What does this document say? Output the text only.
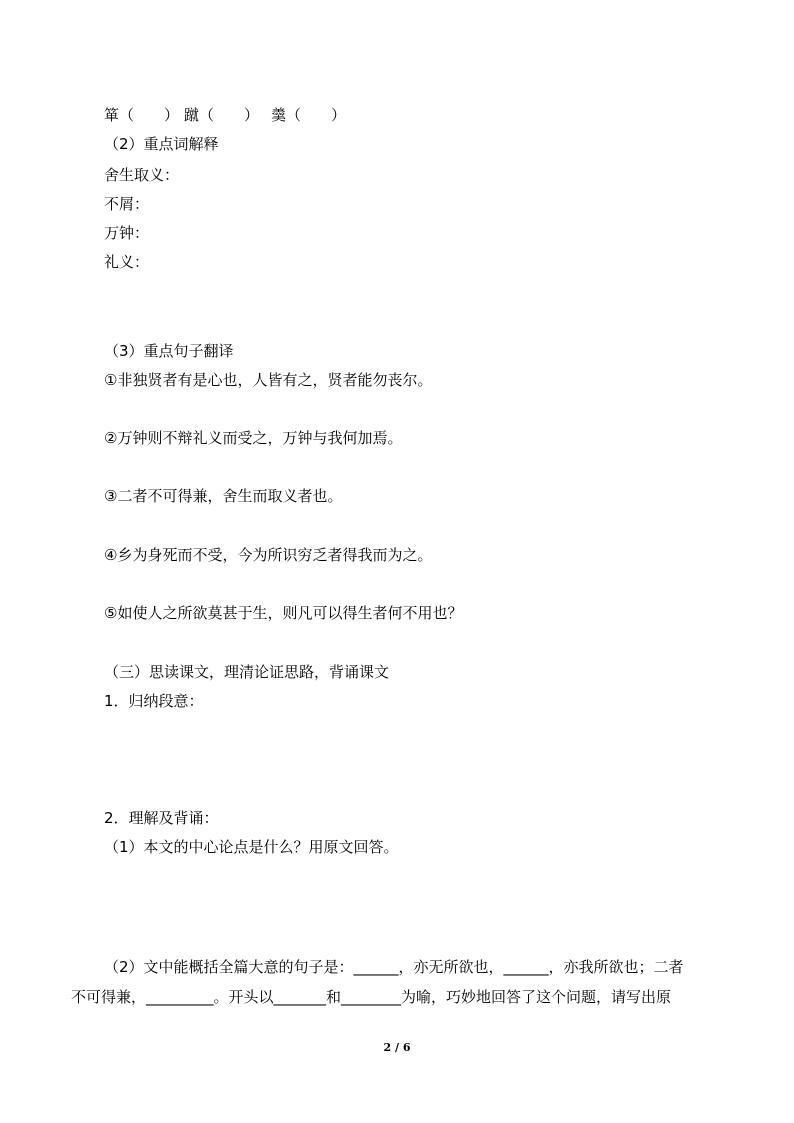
箪（　　） 蹴（　　） 羹（　　）
（2）重点词解释
舍生取义：
不屑：
万钟：
礼义：
（3）重点句子翻译
①非独贤者有是心也，人皆有之，贤者能勿丧尔。
②万钟则不辩礼义而受之，万钟与我何加焉。
③二者不可得兼，舍生而取义者也。
④乡为身死而不受，今为所识穷乏者得我而为之。
⑤如使人之所欲莫甚于生，则凡可以得生者何不用也？
（三）思读课文，理清论证思路，背诵课文
1．归纳段意：
2．理解及背诵：
（1）本文的中心论点是什么？用原文回答。
（2）文中能概括全篇大意的句子是：______，亦无所欲也，______，亦我所欲也；二者
不可得兼，_________。开头以_______和________为喻，巧妙地回答了这个问题，请写出原
2 / 6
